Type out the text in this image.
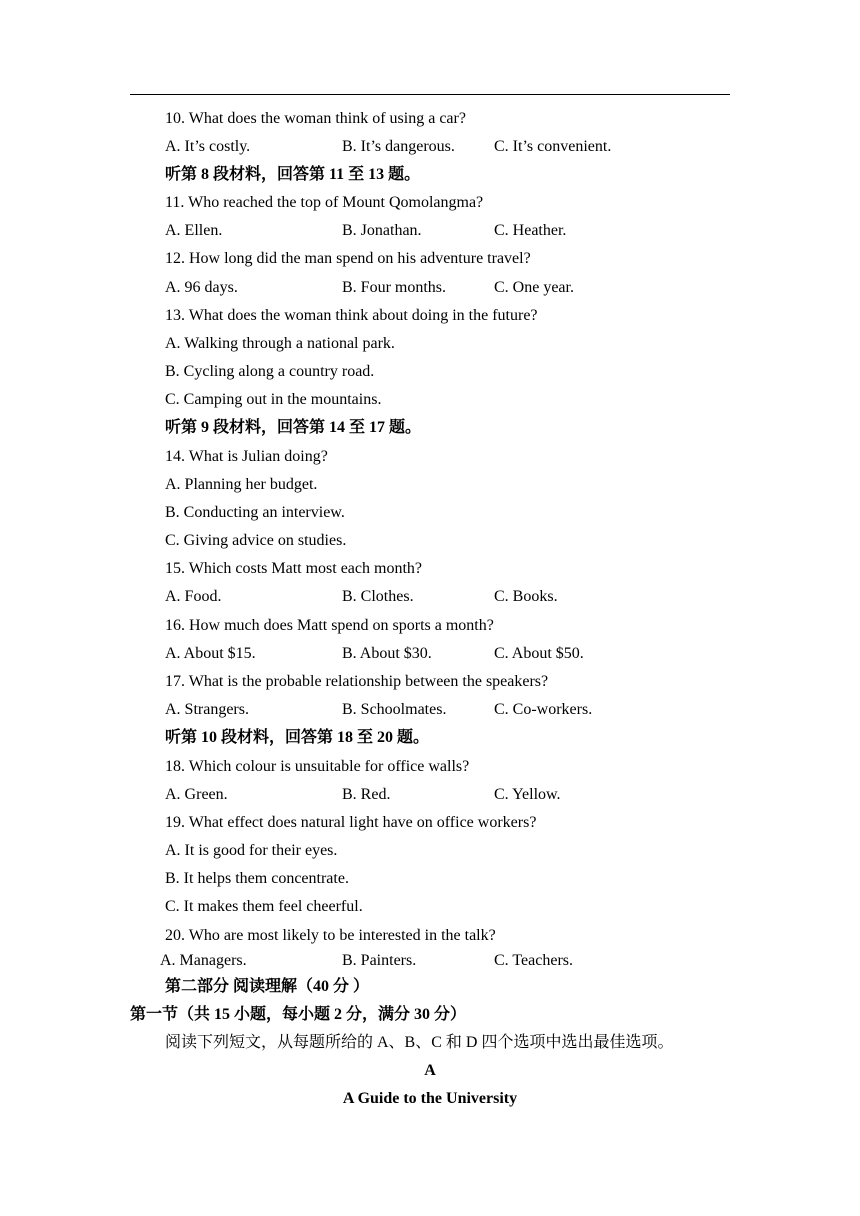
10. What does the woman think of using a car?
A. It’s costly.	B. It’s dangerous. C. It’s convenient.
听第 8 段材料，回答第 11 至 13 题。
11. Who reached the top of Mount Qomolangma?
A. Ellen.	B. Jonathan.	C. Heather.
12. How long did the man spend on his adventure travel?
A. 96 days.	B. Four months.	C. One year.
13. What does the woman think about doing in the future?
A. Walking through a national park.
B. Cycling along a country road.
C. Camping out in the mountains.
听第 9 段材料，回答第 14 至 17 题。
14. What is Julian doing?
A. Planning her budget.
B. Conducting an interview.
C. Giving advice on studies.
15. Which costs Matt most each month?
A. Food.	B. Clothes.	C. Books.
16. How much does Matt spend on sports a month?
A. About $15.	B. About $30.	C. About $50.
17. What is the probable relationship between the speakers?
A. Strangers.	B. Schoolmates.	C. Co-workers.
听第 10 段材料，回答第 18 至 20 题。
18. Which colour is unsuitable for office walls?
A. Green.	B. Red.	C. Yellow.
19. What effect does natural light have on office workers?
A. It is good for their eyes.
B. It helps them concentrate.
C. It makes them feel cheerful.
20. Who are most likely to be interested in the talk?
A. Managers.	B. Painters.	C. Teachers.
第二部分 阅读理解（40 分 ）
第一节（共 15 小题，每小题 2 分，满分 30 分）
阅读下列短文，从每题所给的 A、B、C 和 D 四个选项中选出最佳选项。
A
A Guide to the University
